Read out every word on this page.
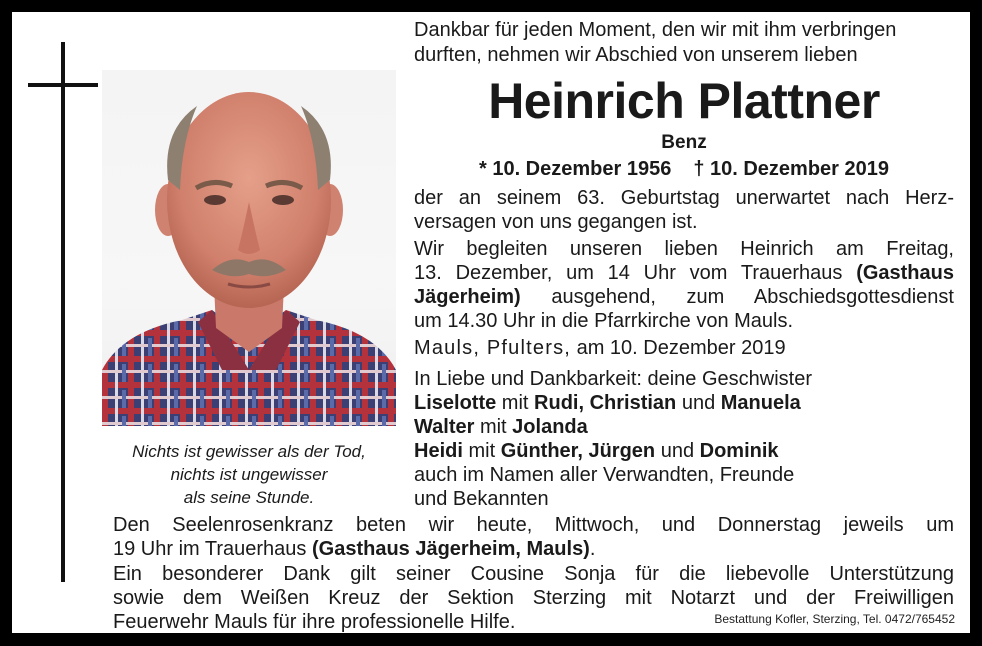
Nichts ist gewisser als der Tod,
nichts ist ungewisser
als seine Stunde.
Dankbar für jeden Moment, den wir mit ihm verbringen
durften, nehmen wir Abschied von unserem lieben
Heinrich Plattner
Benz
* 10. Dezember 1956 † 10. Dezember 2019
der an seinem 63. Geburtstag unerwartet nach Herz-
versagen von uns gegangen ist.
Wir begleiten unseren lieben Heinrich am Freitag,
13. Dezember, um 14 Uhr vom Trauerhaus (Gasthaus
Jägerheim) ausgehend, zum Abschiedsgottesdienst
um 14.30 Uhr in die Pfarrkirche von Mauls.
Mauls, Pfulters, am 10. Dezember 2019
In Liebe und Dankbarkeit: deine Geschwister
Liselotte mit Rudi, Christian und Manuela
Walter mit Jolanda
Heidi mit Günther, Jürgen und Dominik
auch im Namen aller Verwandten, Freunde
und Bekannten
Den Seelenrosenkranz beten wir heute, Mittwoch, und Donnerstag jeweils um
19 Uhr im Trauerhaus (Gasthaus Jägerheim, Mauls).
Ein besonderer Dank gilt seiner Cousine Sonja für die liebevolle Unterstützung
sowie dem Weißen Kreuz der Sektion Sterzing mit Notarzt und der Freiwilligen
Feuerwehr Mauls für ihre professionelle Hilfe.	Bestattung Kofler, Sterzing, Tel. 0472/765452
